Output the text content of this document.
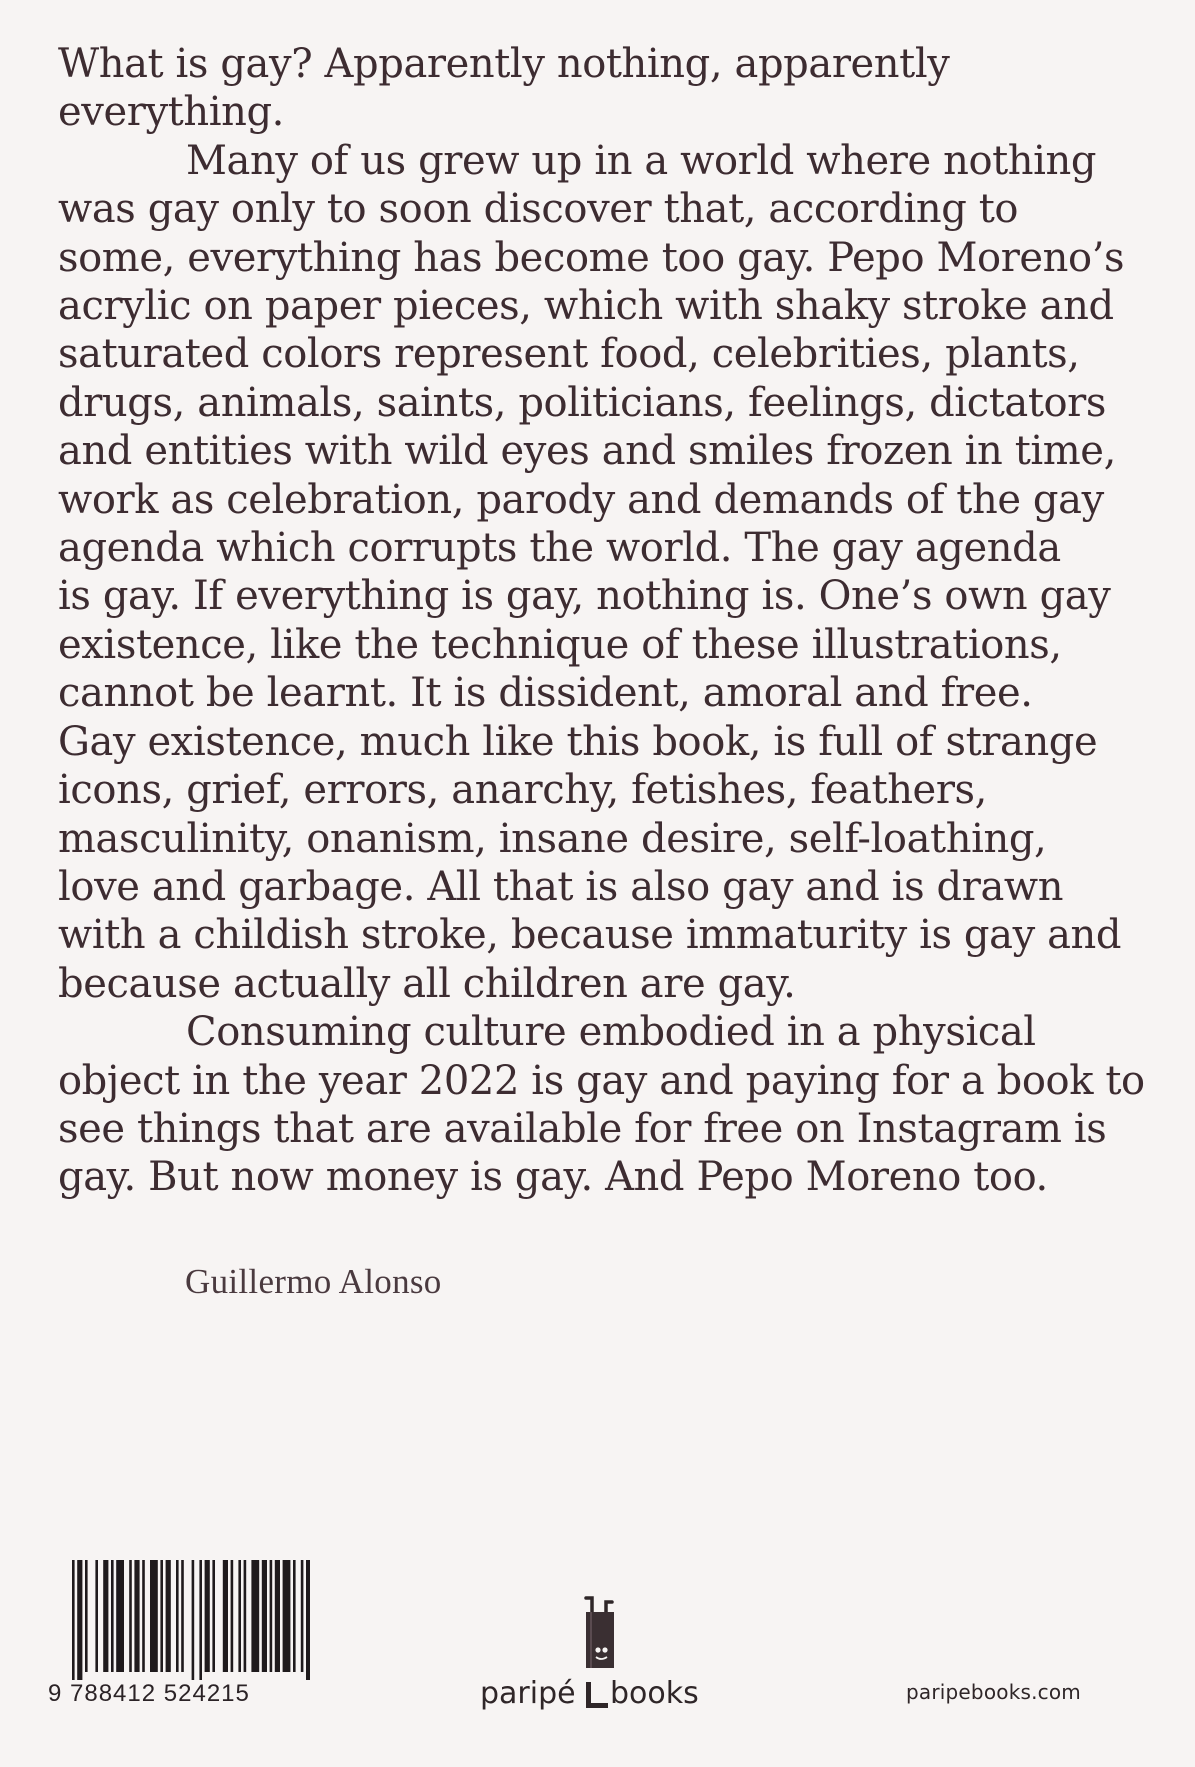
What is gay? Apparently nothing, apparently
everything.

Many of us grew up in a world where nothing
was gay only to soon discover that, according to
some, everything has become too gay. Pepo Moreno’s
acrylic on paper pieces, which with shaky stroke and
saturated colors represent food, celebrities, plants,
drugs, animals, saints, politicians, feelings, dictators
and entities with wild eyes and smiles frozen in time,
work as celebration, parody and demands of the gay
agenda which corrupts the world. The gay agenda
is gay. If everything is gay, nothing is. One’s own gay
existence, like the technique of these illustrations,
cannot be learnt. It is dissident, amoral and free.
Gay existence, much like this book, is full of strange
icons, grief, errors, anarchy, fetishes, feathers,
masculinity, onanism, insane desire, self-loathing,
love and garbage. All that is also gay and is drawn
with a childish stroke, because immaturity is gay and
because actually all children are gay.

Consuming culture embodied in a physical
object in the year 2022 is gay and paying for a book to
see things that are available for free on Instagram is
gay. But now money is gay. And Pepo Moreno too.

Guillermo Alonso
9 788412 524215	paripé books	paripebooks.com
